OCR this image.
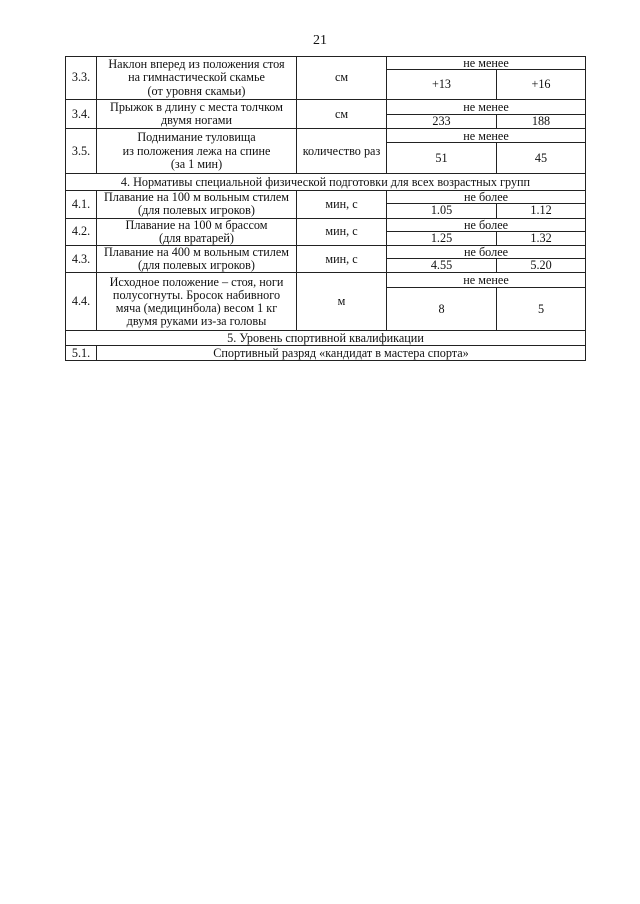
21
3.3.	Наклон вперед из положения стоя
на гимнастической скамье
(от уровня скамьи)	см	не менее	
			+13	+16
3.4.	Прыжок в длину с места толчком
двумя ногами	см	не менее	
			233	188
3.5.	Поднимание туловища
из положения лежа на спине
(за 1 мин)	количество раз	не менее	
			51	45
4. Нормативы специальной физической подготовки для всех возрастных групп				
4.1.	Плавание на 100 м вольным стилем
(для полевых игроков)	мин, с	не более	
			1.05	1.12
4.2.	Плавание на 100 м брассом
(для вратарей)	мин, с	не более	
			1.25	1.32
4.3.	Плавание на 400 м вольным стилем
(для полевых игроков)	мин, с	не более	
			4.55	5.20
4.4.	Исходное положение – стоя, ноги
полусогнуты. Бросок набивного
мяча (медицинбола) весом 1 кг
двумя руками из-за головы	м	не менее	
			8	5
5. Уровень спортивной квалификации				
5.1.	Спортивный разряд «кандидат в мастера спорта»			
